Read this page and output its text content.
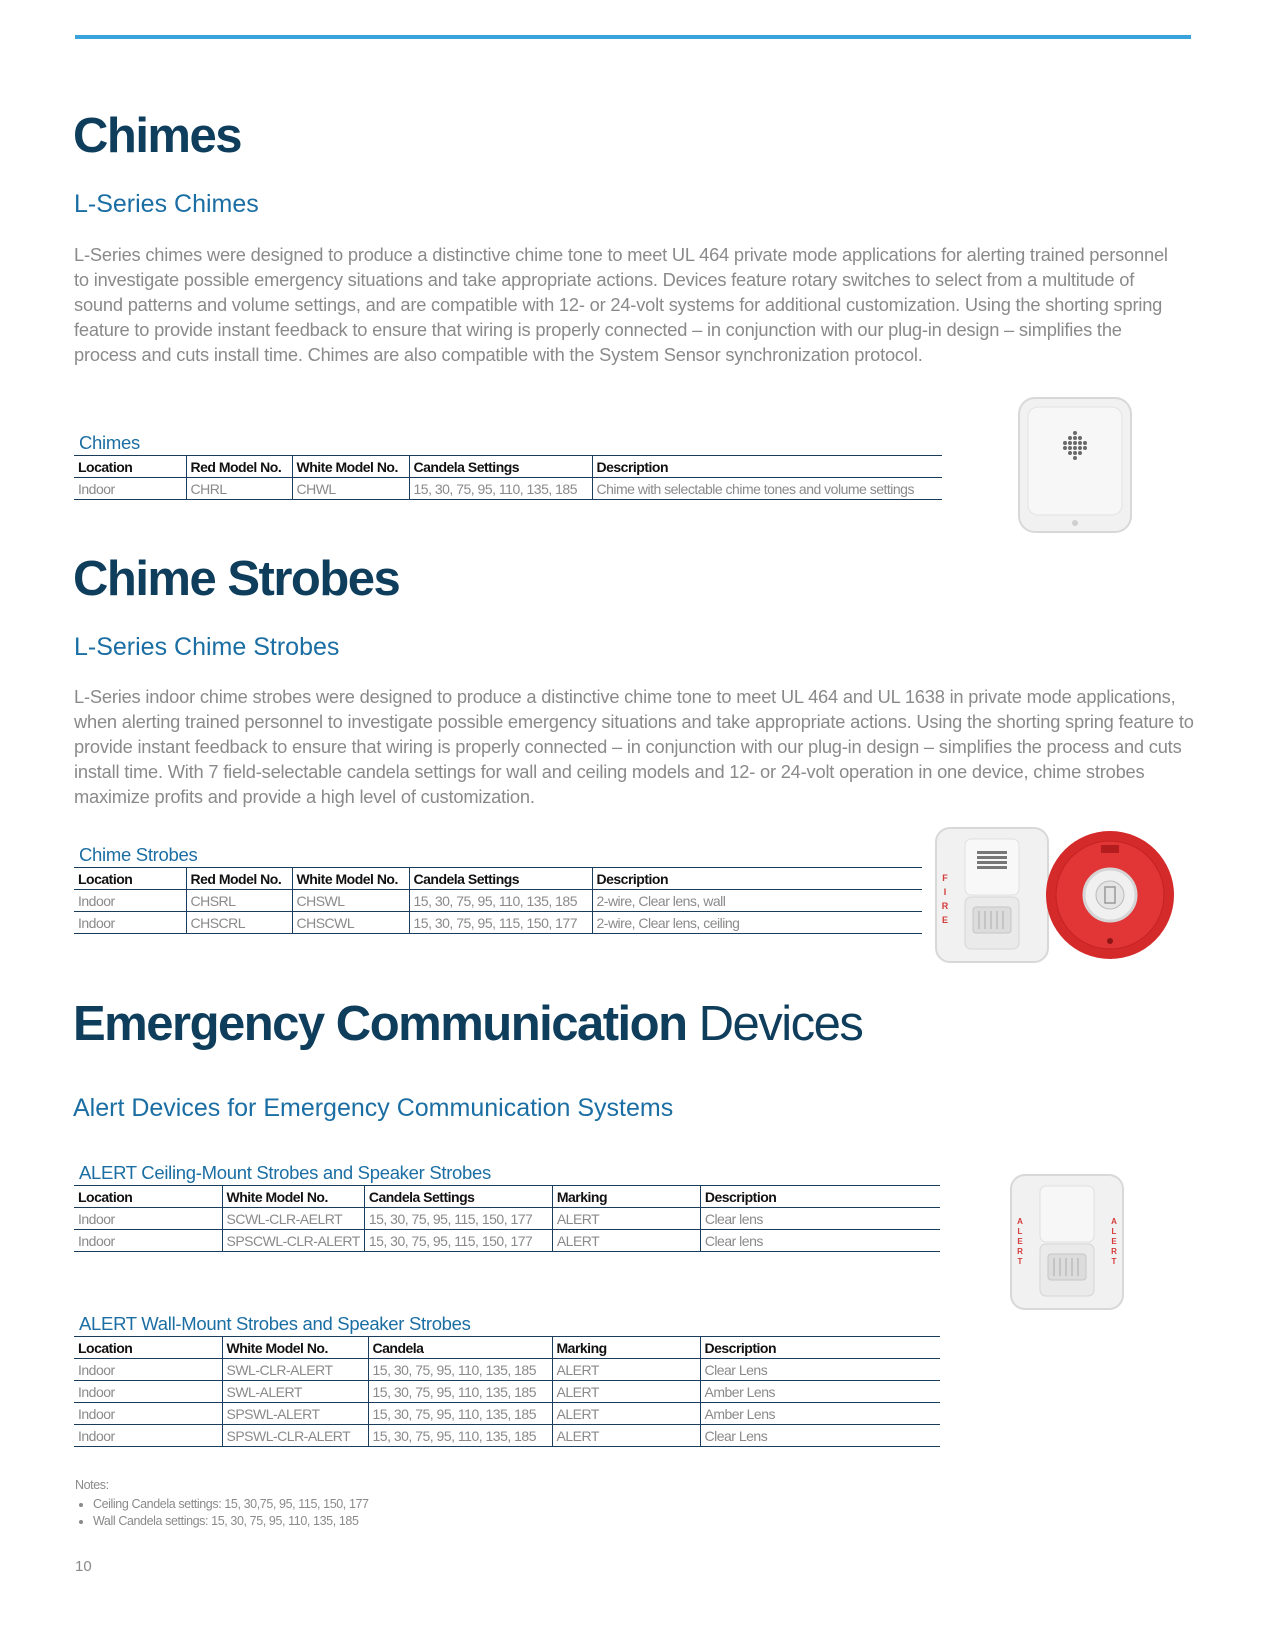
Chimes
L-Series Chimes

L-Series chimes were designed to produce a distinctive chime tone to meet UL 464 private mode applications for alerting trained personnel to investigate possible emergency situations and take appropriate actions. Devices feature rotary switches to select from a multitude of sound patterns and volume settings, and are compatible with 12- or 24-volt systems for additional customization. Using the shorting spring feature to provide instant feedback to ensure that wiring is properly connected – in conjunction with our plug-in design – simplifies the process and cuts install time. Chimes are also compatible with the System Sensor synchronization protocol.

Chimes
Location	Red Model No.	White Model No.	Candela Settings	Description
Indoor	CHRL	CHWL	15, 30, 75, 95, 110, 135, 185	Chime with selectable chime tones and volume settings
Chime Strobes
L-Series Chime Strobes

L-Series indoor chime strobes were designed to produce a distinctive chime tone to meet UL 464 and UL 1638 in private mode applications, when alerting trained personnel to investigate possible emergency situations and take appropriate actions. Using the shorting spring feature to provide instant feedback to ensure that wiring is properly connected – in conjunction with our plug-in design – simplifies the process and cuts install time. With 7 field-selectable candela settings for wall and ceiling models and 12- or 24-volt operation in one device, chime strobes maximize profits and provide a high level of customization.

Chime Strobes
Location	Red Model No.	White Model No.	Candela Settings	Description
Indoor	CHSRL	CHSWL	15, 30, 75, 95, 110, 135, 185	2-wire, Clear lens, wall
Indoor	CHSCRL	CHSCWL	15, 30, 75, 95, 115, 150, 177	2-wire, Clear lens, ceiling
F
I
R
E
Emergency Communication Devices
Alert Devices for Emergency Communication Systems
ALERT Ceiling-Mount Strobes and Speaker Strobes
Location	White Model No.	Candela Settings	Marking	Description
Indoor	SCWL-CLR-AELRT	15, 30, 75, 95, 115, 150, 177	ALERT	Clear lens
Indoor	SPSCWL-CLR-ALERT	15, 30, 75, 95, 115, 150, 177	ALERT	Clear lens
A
L
E
R
T
A
L
E
R
T
ALERT Wall-Mount Strobes and Speaker Strobes
Location	White Model No.	Candela	Marking	Description
Indoor	SWL-CLR-ALERT	15, 30, 75, 95, 110, 135, 185	ALERT	Clear Lens
Indoor	SWL-ALERT	15, 30, 75, 95, 110, 135, 185	ALERT	Amber Lens
Indoor	SPSWL-ALERT	15, 30, 75, 95, 110, 135, 185	ALERT	Amber Lens
Indoor	SPSWL-CLR-ALERT	15, 30, 75, 95, 110, 135, 185	ALERT	Clear Lens
Notes:
• Ceiling Candela settings: 15, 30,75, 95, 115, 150, 177
• Wall Candela settings: 15, 30, 75, 95, 110, 135, 185
10
